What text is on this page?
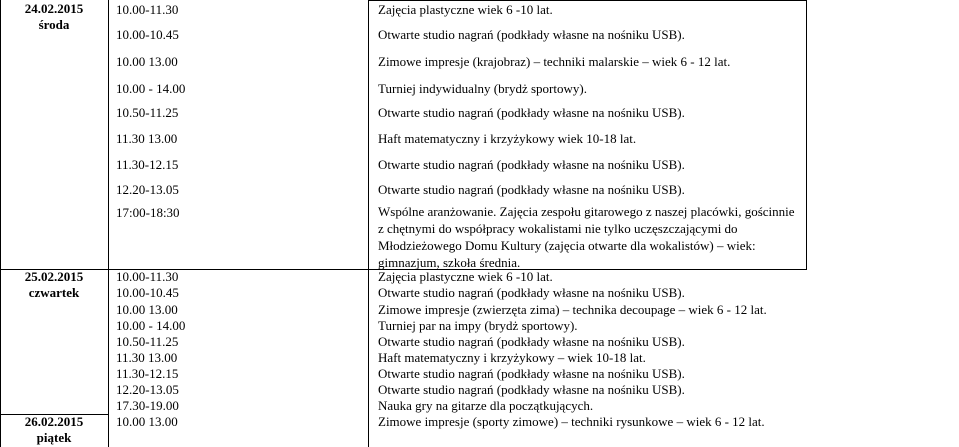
24.02.2015
środa
10.00-11.30	Zajęcia plastyczne wiek 6 -10 lat.
10.00-10.45	Otwarte studio nagrań (podkłady własne na nośniku USB).
10.00 13.00	Zimowe impresje (krajobraz) – techniki malarskie – wiek 6 - 12 lat.
10.00 - 14.00	Turniej indywidualny (brydż sportowy).
10.50-11.25	Otwarte studio nagrań (podkłady własne na nośniku USB).
11.30 13.00	Haft matematyczny i krzyżykowy wiek 10-18 lat.
11.30-12.15	Otwarte studio nagrań (podkłady własne na nośniku USB).
12.20-13.05	Otwarte studio nagrań (podkłady własne na nośniku USB).
17:00-18:30	Wspólne aranżowanie. Zajęcia zespołu gitarowego z naszej placówki, gościnnie z chętnymi do współpracy wokalistami nie tylko uczęszczającymi do Młodzieżowego Domu Kultury (zajęcia otwarte dla wokalistów) – wiek: gimnazjum, szkoła średnia.
25.02.2015
czwartek
10.00-11.30	Zajęcia plastyczne wiek 6 -10 lat.
10.00-10.45	Otwarte studio nagrań (podkłady własne na nośniku USB).
10.00 13.00	Zimowe impresje (zwierzęta zima) – technika decoupage – wiek 6 - 12 lat.
10.00 - 14.00	Turniej par na impy (brydż sportowy).
10.50-11.25	Otwarte studio nagrań (podkłady własne na nośniku USB).
11.30 13.00	Haft matematyczny i krzyżykowy – wiek 10-18 lat.
11.30-12.15	Otwarte studio nagrań (podkłady własne na nośniku USB).
12.20-13.05	Otwarte studio nagrań (podkłady własne na nośniku USB).
17.30-19.00	Nauka gry na gitarze dla początkujących.
26.02.2015
piątek
10.00 13.00	Zimowe impresje (sporty zimowe) – techniki rysunkowe – wiek 6 - 12 lat.
